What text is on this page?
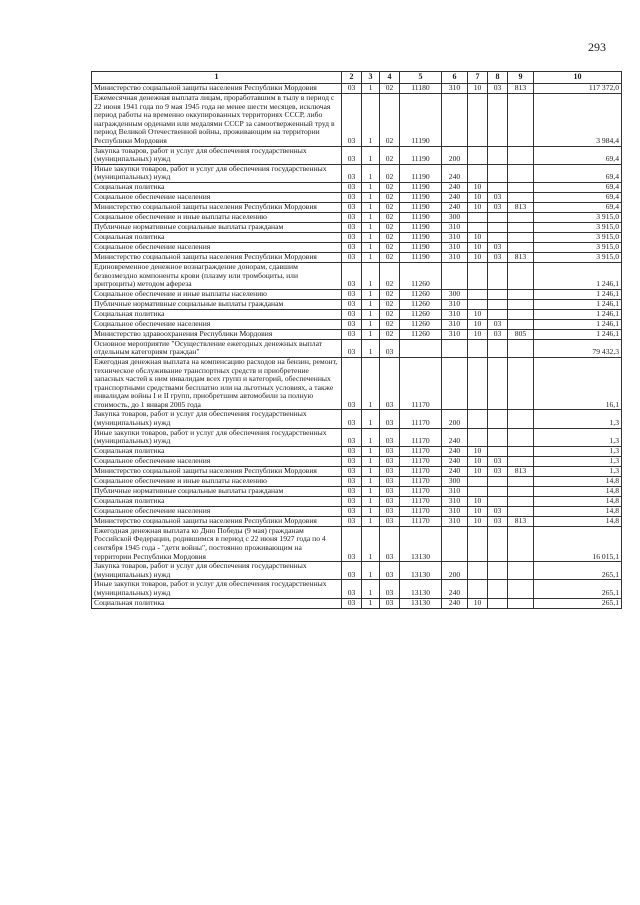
293
1	2	3	4	5	6	7	8	9	10
Министерство социальной защиты населения Республики Мордовия	03	1	02	11180	310	10	03	813	117 372,0
Ежемесячная денежная выплата лицам, проработавшим в тылу в период с 22 июня 1941 года по 9 мая 1945 года не менее шести месяцев, исключая период работы на временно оккупированных территориях СССР, либо награжденным орденами или медалями СССР за самоотверженный труд в период Великой Отечественной войны, проживающим на территории Республики Мордовия	03	1	02	11190					3 984,4
Закупка товаров, работ и услуг для обеспечения государственных (муниципальных) нужд	03	1	02	11190	200				69,4
Иные закупки товаров, работ и услуг для обеспечения государственных (муниципальных) нужд	03	1	02	11190	240				69,4
Социальная политика	03	1	02	11190	240	10			69,4
Социальное обеспечение населения	03	1	02	11190	240	10	03		69,4
Министерство социальной защиты населения Республики Мордовия	03	1	02	11190	240	10	03	813	69,4
Социальное обеспечение и иные выплаты населению	03	1	02	11190	300				3 915,0
Публичные нормативные социальные выплаты гражданам	03	1	02	11190	310				3 915,0
Социальная политика	03	1	02	11190	310	10			3 915,0
Социальное обеспечение населения	03	1	02	11190	310	10	03		3 915,0
Министерство социальной защиты населения Республики Мордовия	03	1	02	11190	310	10	03	813	3 915,0
Единовременное денежное вознаграждение донорам, сдавшим безвозмездно компоненты крови (плазму или тромбоциты, или эритроциты) методом афереза	03	1	02	11260					1 246,1
Социальное обеспечение и иные выплаты населению	03	1	02	11260	300				1 246,1
Публичные нормативные социальные выплаты гражданам	03	1	02	11260	310				1 246,1
Социальная политика	03	1	02	11260	310	10			1 246,1
Социальное обеспечение населения	03	1	02	11260	310	10	03		1 246,1
Министерство здравоохранения Республики Мордовия	03	1	02	11260	310	10	03	805	1 246,1
Основное мероприятие "Осуществление ежегодных денежных выплат отдельным категориям граждан"	03	1	03						79 432,3
Ежегодная денежная выплата на компенсацию расходов на бензин, ремонт, техническое обслуживание транспортных средств и приобретение запасных частей к ним инвалидам всех групп и категорий, обеспеченных транспортными средствами бесплатно или на льготных условиях, а также инвалидам войны I и II групп, приобретшим автомобили за полную стоимость, до 1 января 2005 года	03	1	03	11170					16,1
Закупка товаров, работ и услуг для обеспечения государственных (муниципальных) нужд	03	1	03	11170	200				1,3
Иные закупки товаров, работ и услуг для обеспечения государственных (муниципальных) нужд	03	1	03	11170	240				1,3
Социальная политика	03	1	03	11170	240	10			1,3
Социальное обеспечение населения	03	1	03	11170	240	10	03		1,3
Министерство социальной защиты населения Республики Мордовия	03	1	03	11170	240	10	03	813	1,3
Социальное обеспечение и иные выплаты населению	03	1	03	11170	300				14,8
Публичные нормативные социальные выплаты гражданам	03	1	03	11170	310				14,8
Социальная политика	03	1	03	11170	310	10			14,8
Социальное обеспечение населения	03	1	03	11170	310	10	03		14,8
Министерство социальной защиты населения Республики Мордовия	03	1	03	11170	310	10	03	813	14,8
Ежегодная денежная выплата ко Дню Победы (9 мая) гражданам Российской Федерации, родившимся в период с 22 июня 1927 года по 4 сентября 1945 года - "дети войны", постоянно проживающим на территории Республики Мордовия	03	1	03	13130					16 015,1
Закупка товаров, работ и услуг для обеспечения государственных (муниципальных) нужд	03	1	03	13130	200				265,1
Иные закупки товаров, работ и услуг для обеспечения государственных (муниципальных) нужд	03	1	03	13130	240				265,1
Социальная политика	03	1	03	13130	240	10			265,1
